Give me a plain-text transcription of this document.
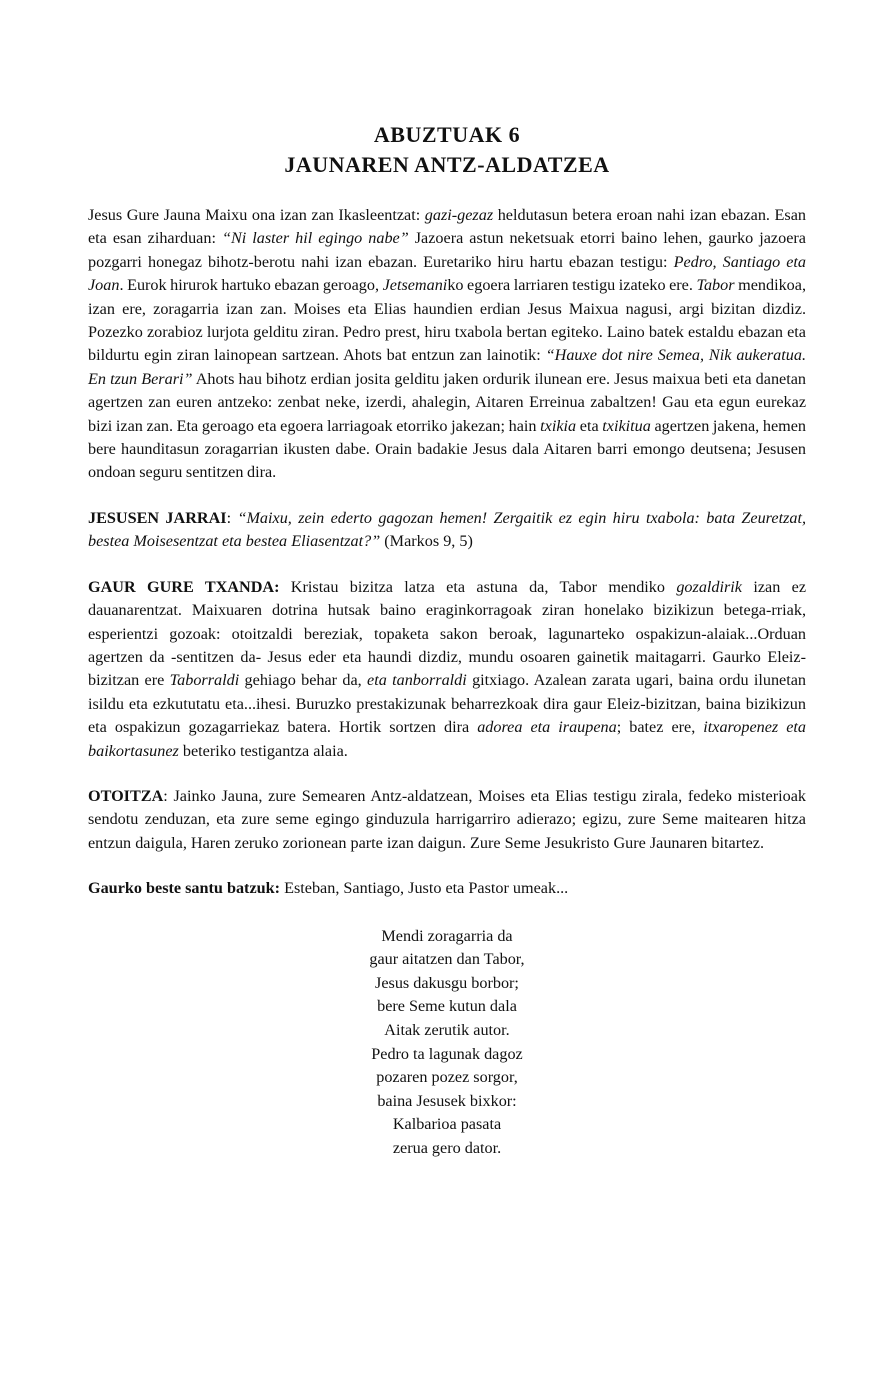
ABUZTUAK 6

JAUNAREN ANTZ-ALDATZEA

Jesus Gure Jauna Maixu ona izan zan Ikasleentzat: gazi-gezaz heldutasun betera eroan nahi izan ebazan. Esan eta esan ziharduan: “Ni laster hil egingo nabe” Jazoera astun neketsuak etorri baino lehen, gaurko jazoera pozgarri honegaz bihotz-berotu nahi izan ebazan. Euretariko hiru hartu ebazan testigu: Pedro, Santiago eta Joan. Eurok hirurok hartuko ebazan geroago, Jetsemaniko egoera larriaren testigu izateko ere. Tabor mendikoa, izan ere, zoragarria izan zan. Moises eta Elias haundien erdian Jesus Maixua nagusi, argi bizitan dizdiz. Pozezko zorabioz lurjota gelditu ziran. Pedro prest, hiru txabola bertan egiteko. Laino batek estaldu ebazan eta bildurtu egin ziran lainopean sartzean. Ahots bat entzun zan lainotik: “Hauxe dot nire Semea, Nik aukeratua. En tzun Berari” Ahots hau bihotz erdian josita gelditu jaken ordurik ilunean ere. Jesus maixua beti eta danetan agertzen zan euren antzeko: zenbat neke, izerdi, ahalegin, Aitaren Erreinua zabaltzen! Gau eta egun eurekaz bizi izan zan. Eta geroago eta egoera larriagoak etorriko jakezan; hain txikia eta txikitua agertzen jakena, hemen bere haunditasun zoragarrian ikusten dabe. Orain badakie Jesus dala Aitaren barri emongo deutsena; Jesusen ondoan seguru sentitzen dira.

JESUSEN JARRAI: “Maixu, zein ederto gagozan hemen! Zergaitik ez egin hiru txabola: bata Zeuretzat, bestea Moisesentzat eta bestea Eliasentzat?” (Markos 9, 5)

GAUR GURE TXANDA: Kristau bizitza latza eta astuna da, Tabor mendiko gozaldirik izan ez dauanarentzat. Maixuaren dotrina hutsak baino eraginkorragoak ziran honelako bizikizun betega-rriak, esperientzi gozoak: otoitzaldi bereziak, topaketa sakon beroak, lagunarteko ospakizun-alaiak...Orduan agertzen da -sentitzen da- Jesus eder eta haundi dizdiz, mundu osoaren gainetik maitagarri. Gaurko Eleiz-bizitzan ere Taborraldi gehiago behar da, eta tanborraldi gitxiago. Azalean zarata ugari, baina ordu ilunetan isildu eta ezkututatu eta...ihesi. Buruzko prestakizunak beharrezkoak dira gaur Eleiz-bizitzan, baina bizikizun eta ospakizun gozagarriekaz batera. Hortik sortzen dira adorea eta iraupena; batez ere, itxaropenez eta baikortasunez beteriko testigantza alaia.

OTOITZA: Jainko Jauna, zure Semearen Antz-aldatzean, Moises eta Elias testigu zirala, fedeko misterioak sendotu zenduzan, eta zure seme egingo ginduzula harrigarriro adierazo; egizu, zure Seme maitearen hitza entzun daigula, Haren zeruko zorionean parte izan daigun. Zure Seme Jesukristo Gure Jaunaren bitartez.

Gaurko beste santu batzuk: Esteban, Santiago, Justo eta Pastor umeak...

Mendi zoragarria da
gaur aitatzen dan Tabor,
Jesus dakusgu borbor;
bere Seme kutun dala
Aitak zerutik autor.
Pedro ta lagunak dagoz
pozaren pozez sorgor,
baina Jesusek bixkor:
Kalbarioa pasata
zerua gero dator.
